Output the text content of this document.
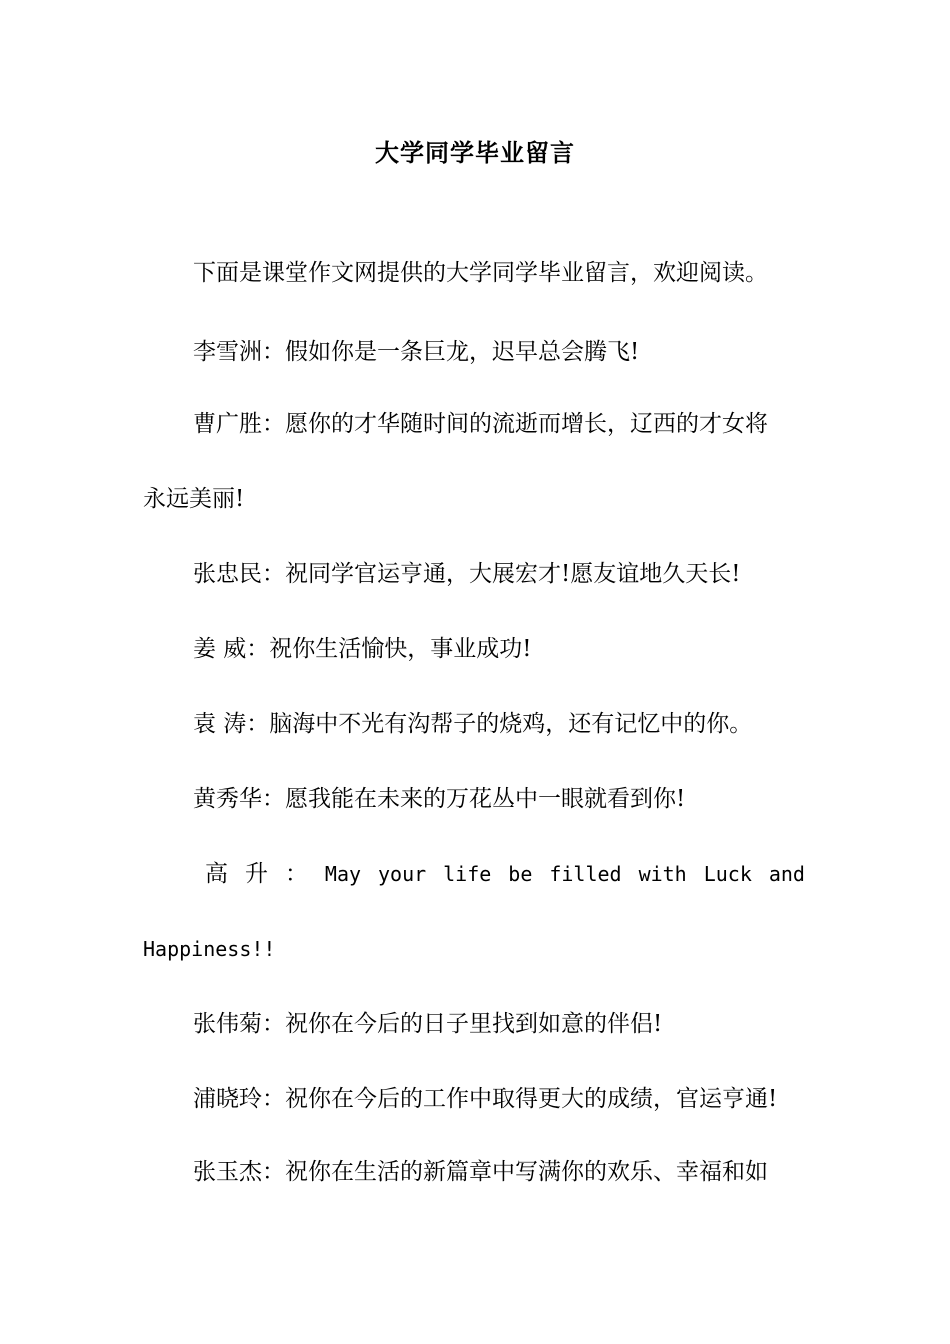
大学同学毕业留言
下面是课堂作文网提供的大学同学毕业留言，欢迎阅读。
李雪洲：假如你是一条巨龙，迟早总会腾飞!
曹广胜：愿你的才华随时间的流逝而增长，辽西的才女将
永远美丽!
张忠民：祝同学官运亨通，大展宏才!愿友谊地久天长!
姜 威：祝你生活愉快，事业成功!
袁 涛：脑海中不光有沟帮子的烧鸡，还有记忆中的你。
黄秀华：愿我能在未来的万花丛中一眼就看到你!
高 升 ： May your life be filled with Luck and
Happiness!!
张伟菊：祝你在今后的日子里找到如意的伴侣!
浦晓玲：祝你在今后的工作中取得更大的成绩，官运亨通!
张玉杰：祝你在生活的新篇章中写满你的欢乐、幸福和如
